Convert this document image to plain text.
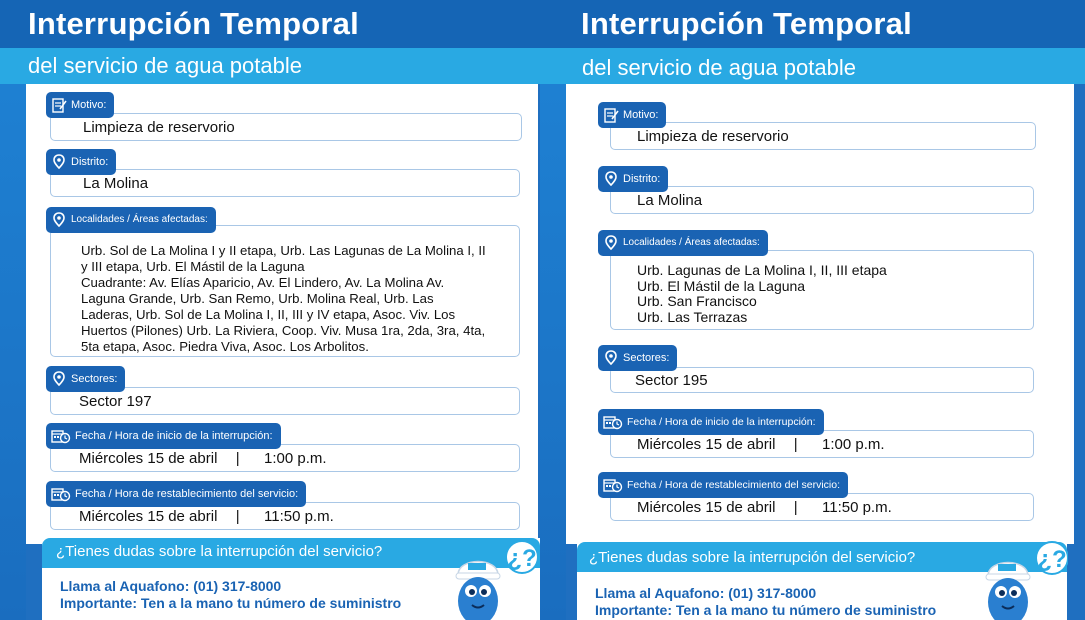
Interrupción Temporal
del servicio de agua potable
Motivo:
Limpieza de reservorio
Distrito:
La Molina
Localidades / Áreas afectadas:
Urb. Sol de La Molina I y II etapa, Urb. Las Lagunas de La Molina I, II
y III etapa, Urb. El Mástil de la Laguna
Cuadrante: Av. Elías Aparicio, Av. El Lindero, Av. La Molina Av.
Laguna Grande, Urb. San Remo, Urb. Molina Real, Urb. Las
Laderas, Urb. Sol de La Molina I, II, III y IV etapa, Asoc. Viv. Los
Huertos (Pilones) Urb. La Riviera, Coop. Viv. Musa 1ra, 2da, 3ra, 4ta,
5ta etapa, Asoc. Piedra Viva, Asoc. Los Arbolitos.
Sectores:
Sector 197
Fecha / Hora de inicio de la interrupción:
Miércoles 15 de abril | 1:00 p.m.
Fecha / Hora de restablecimiento del servicio:
Miércoles 15 de abril | 11:50 p.m.
¿Tienes dudas sobre la interrupción del servicio?
Llama al Aquafono: (01) 317-8000
Importante: Ten a la mano tu número de suministro
¿?
Interrupción Temporal
del servicio de agua potable
Motivo:
Limpieza de reservorio
Distrito:
La Molina
Localidades / Áreas afectadas:
Urb. Lagunas de La Molina I, II, III etapa
Urb. El Mástil de la Laguna
Urb. San Francisco
Urb. Las Terrazas
Sectores:
Sector 195
Fecha / Hora de inicio de la interrupción:
Miércoles 15 de abril | 1:00 p.m.
Fecha / Hora de restablecimiento del servicio:
Miércoles 15 de abril | 11:50 p.m.
¿Tienes dudas sobre la interrupción del servicio?
Llama al Aquafono: (01) 317-8000
Importante: Ten a la mano tu número de suministro
¿?
